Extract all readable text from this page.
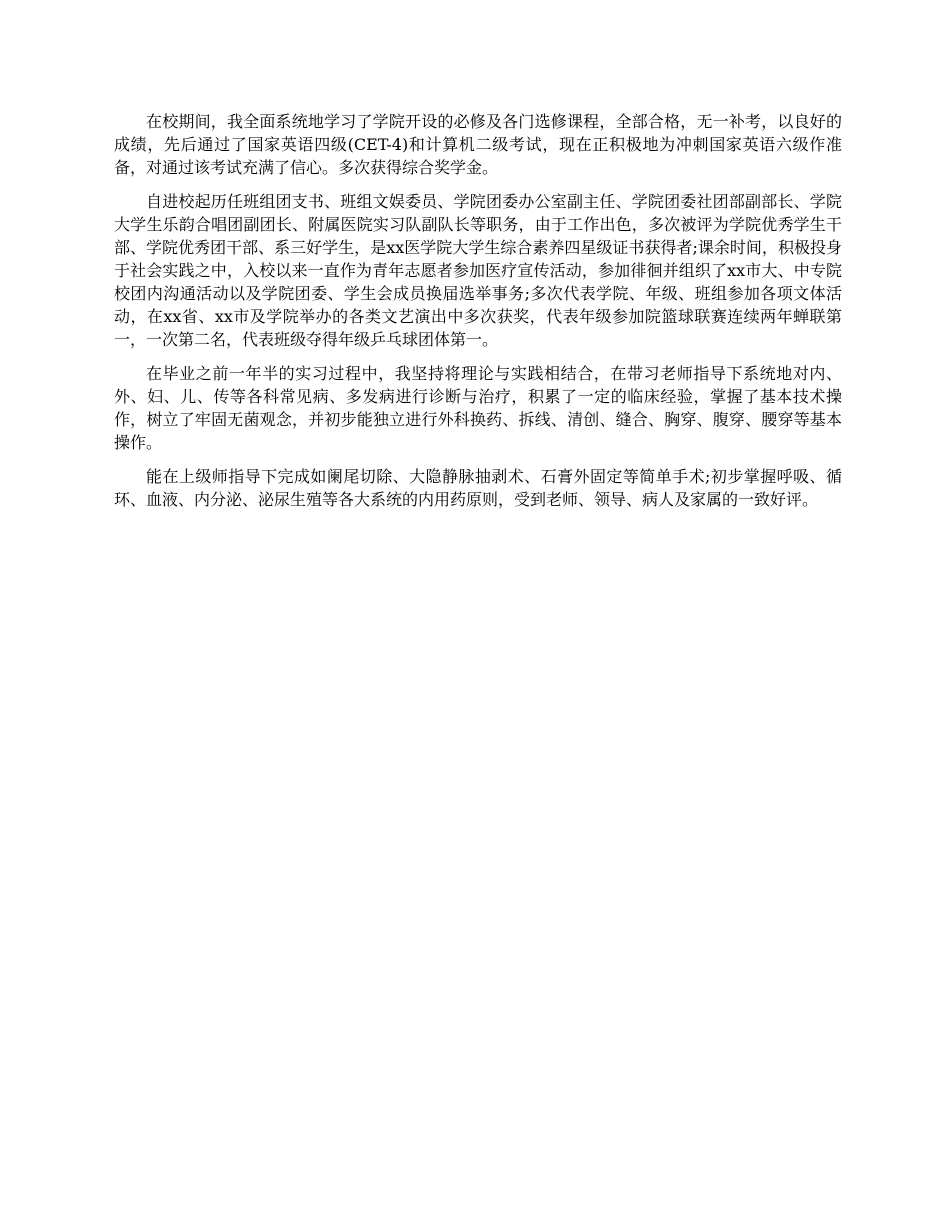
在校期间，我全面系统地学习了学院开设的必修及各门选修课程，全部合格，无一补考，以良好的成绩，先后通过了国家英语四级(CET-4)和计算机二级考试，现在正积极地为冲刺国家英语六级作准备，对通过该考试充满了信心。多次获得综合奖学金。

自进校起历任班组团支书、班组文娱委员、学院团委办公室副主任、学院团委社团部副部长、学院大学生乐韵合唱团副团长、附属医院实习队副队长等职务，由于工作出色，多次被评为学院优秀学生干部、学院优秀团干部、系三好学生，是xx医学院大学生综合素养四星级证书获得者;课余时间，积极投身于社会实践之中，入校以来一直作为青年志愿者参加医疗宣传活动，参加徘徊并组织了xx市大、中专院校团内沟通活动以及学院团委、学生会成员换届选举事务;多次代表学院、年级、班组参加各项文体活动，在xx省、xx市及学院举办的各类文艺演出中多次获奖，代表年级参加院篮球联赛连续两年蝉联第一，一次第二名，代表班级夺得年级乒乓球团体第一。

在毕业之前一年半的实习过程中，我坚持将理论与实践相结合，在带习老师指导下系统地对内、外、妇、儿、传等各科常见病、多发病进行诊断与治疗，积累了一定的临床经验，掌握了基本技术操作，树立了牢固无菌观念，并初步能独立进行外科换药、拆线、清创、缝合、胸穿、腹穿、腰穿等基本操作。

能在上级师指导下完成如阑尾切除、大隐静脉抽剥术、石膏外固定等简单手术;初步掌握呼吸、循环、血液、内分泌、泌尿生殖等各大系统的内用药原则，受到老师、领导、病人及家属的一致好评。
